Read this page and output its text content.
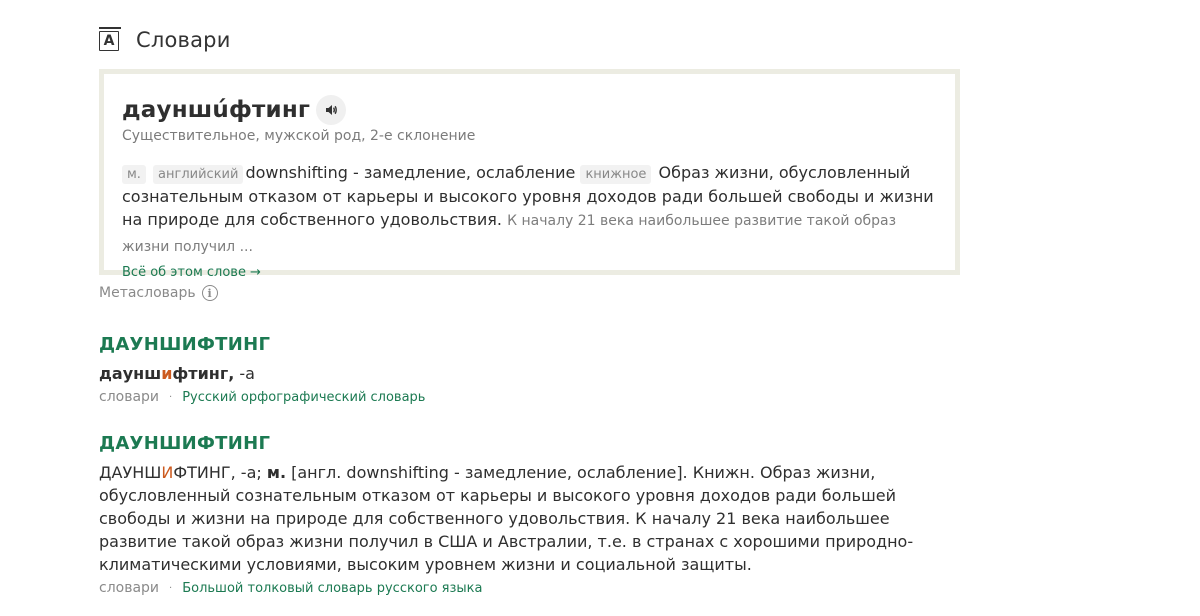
A Словари
дауншúфтинг
Существительное, мужской род, 2-е склонение
м. английский downshifting - замедление, ослабление книжное Образ жизни, обусловленный сознательным отказом от карьеры и высокого уровня доходов ради большей свободы и жизни на природе для собственного удовольствия. К началу 21 века наибольшее развитие такой образ жизни получил ...
Всё об этом слове →
Метасловарь	i
ДАУНШИФТИНГ
дауншифтинг, -а
словари · Русский орфографический словарь
ДАУНШИФТИНГ
ДАУНШИФТИНГ, -а; м. [англ. downshifting - замедление, ослабление]. Книжн. Образ жизни, обусловленный сознательным отказом от карьеры и высокого уровня доходов ради большей свободы и жизни на природе для собственного удовольствия. К началу 21 века наибольшее развитие такой образ жизни получил в США и Австралии, т.е. в странах с хорошими природно-климатическими условиями, высоким уровнем жизни и социальной защиты.
словари · Большой толковый словарь русского языка
